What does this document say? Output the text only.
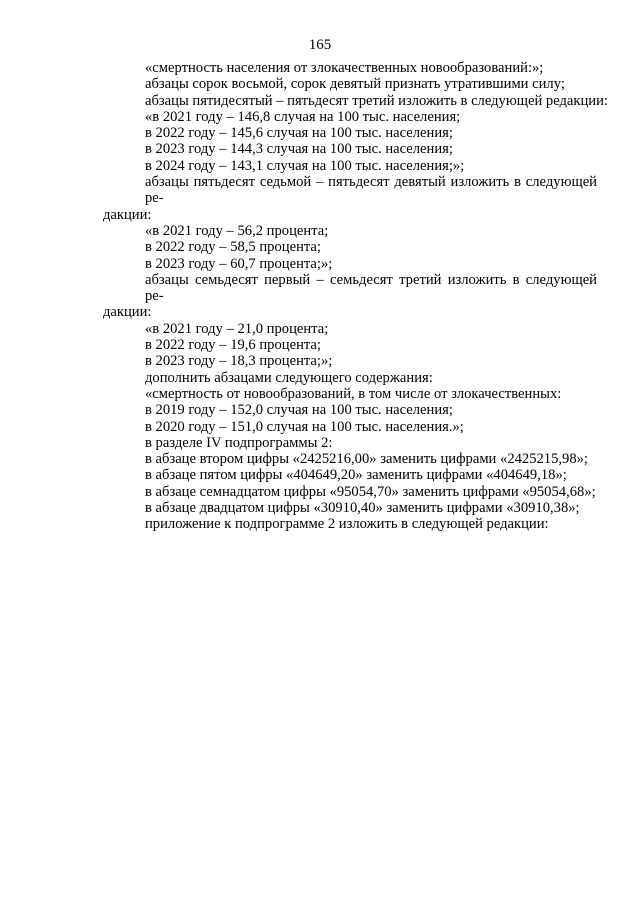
165

«смертность населения от злокачественных новообразований:»;

абзацы сорок восьмой, сорок девятый признать утратившими силу;

абзацы пятидесятый – пятьдесят третий изложить в следующей редакции:

«в 2021 году – 146,8 случая на 100 тыс. населения;

в 2022 году – 145,6 случая на 100 тыс. населения;

в 2023 году – 144,3 случая на 100 тыс. населения;

в 2024 году – 143,1 случая на 100 тыс. населения;»;

абзацы пятьдесят седьмой – пятьдесят девятый изложить в следующей ре-

дакции:

«в 2021 году – 56,2 процента;

в 2022 году – 58,5 процента;

в 2023 году – 60,7 процента;»;

абзацы семьдесят первый – семьдесят третий изложить в следующей ре-

дакции:

«в 2021 году – 21,0 процента;

в 2022 году – 19,6 процента;

в 2023 году – 18,3 процента;»;

дополнить абзацами следующего содержания:

«смертность от новообразований, в том числе от злокачественных:

в 2019 году – 152,0 случая на 100 тыс. населения;

в 2020 году – 151,0 случая на 100 тыс. населения.»;

в разделе IV подпрограммы 2:

в абзаце втором цифры «2425216,00» заменить цифрами «2425215,98»;

в абзаце пятом цифры «404649,20» заменить цифрами «404649,18»;

в абзаце семнадцатом цифры «95054,70» заменить цифрами «95054,68»;

в абзаце двадцатом цифры «30910,40» заменить цифрами «30910,38»;

приложение к подпрограмме 2 изложить в следующей редакции:
